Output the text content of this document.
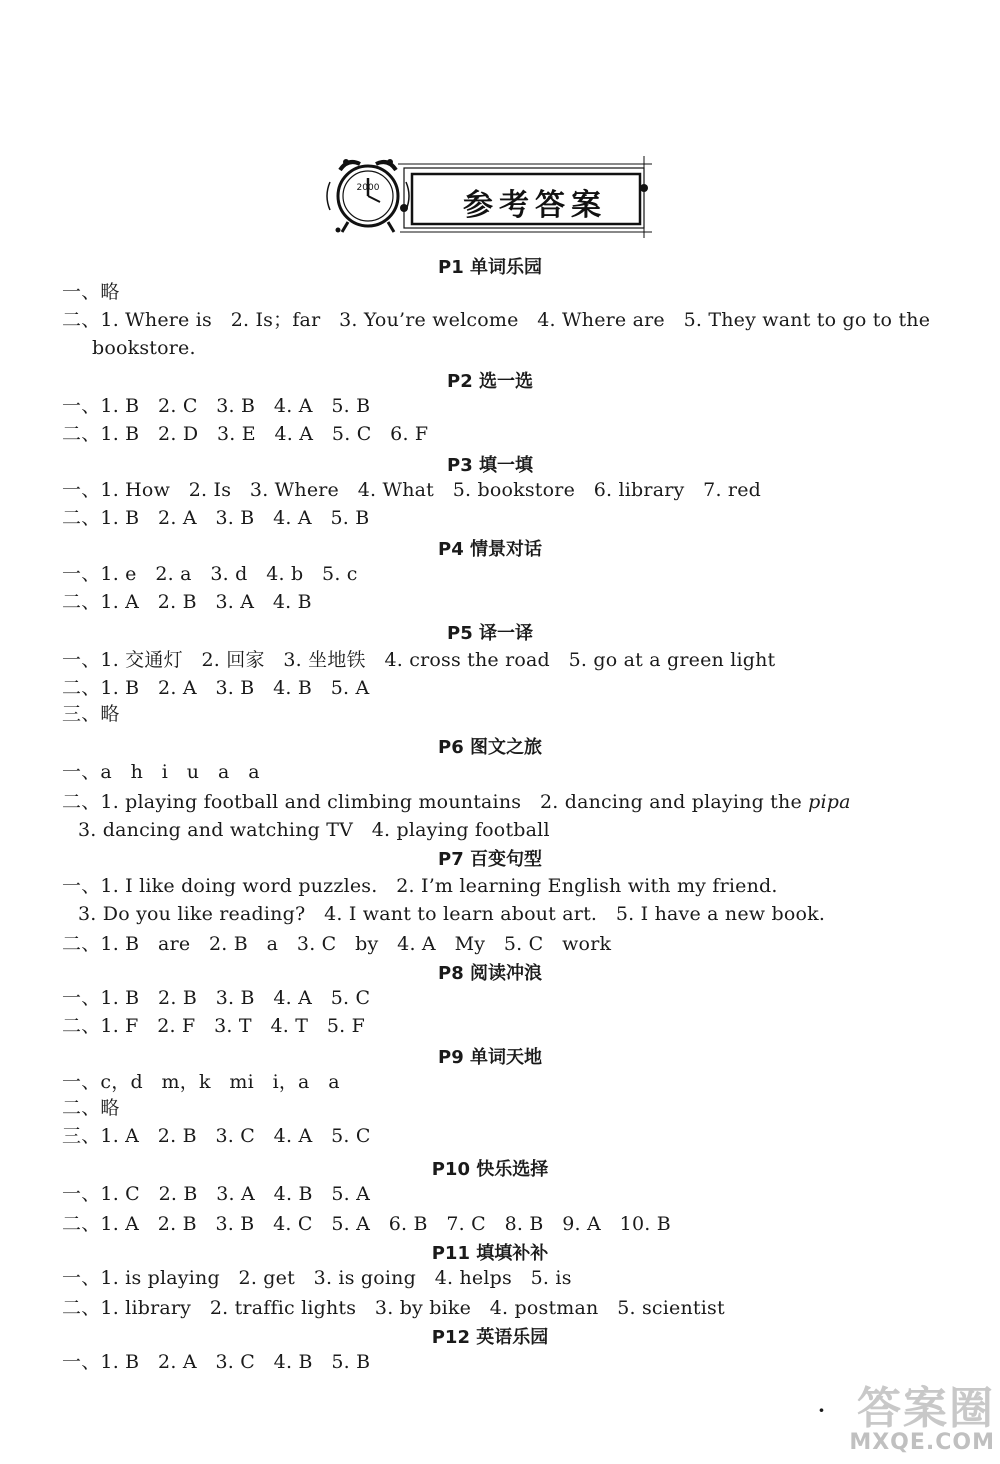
2000	参考答案
P1 单词乐园
一、略
二、1. Where is   2. Is；far   3. You’re welcome   4. Where are   5. They want to go to the
bookstore.
P2 选一选
一、1. B   2. C   3. B   4. A   5. B
二、1. B   2. D   3. E   4. A   5. C   6. F
P3 填一填
一、1. How   2. Is   3. Where   4. What   5. bookstore   6. library   7. red
二、1. B   2. A   3. B   4. A   5. B
P4 情景对话
一、1. e   2. a   3. d   4. b   5. c
二、1. A   2. B   3. A   4. B
P5 译一译
一、1. 交通灯   2. 回家   3. 坐地铁   4. cross the road   5. go at a green light
二、1. B   2. A   3. B   4. B   5. A
三、略
P6 图文之旅
一、a   h   i   u   a   a
二、1. playing football and climbing mountains   2. dancing and playing the pipa
3. dancing and watching TV   4. playing football
P7 百变句型
一、1. I like doing word puzzles.   2. I’m learning English with my friend.
3. Do you like reading?   4. I want to learn about art.   5. I have a new book.
二、1. B   are   2. B   a   3. C   by   4. A   My   5. C   work
P8 阅读冲浪
一、1. B   2. B   3. B   4. A   5. C
二、1. F   2. F   3. T   4. T   5. F
P9 单词天地
一、c，d   m，k   mi   i，a   a
二、略
三、1. A   2. B   3. C   4. A   5. C
P10 快乐选择
一、1. C   2. B   3. A   4. B   5. A
二、1. A   2. B   3. B   4. C   5. A   6. B   7. C   8. B   9. A   10. B
P11 填填补补
一、1. is playing   2. get   3. is going   4. helps   5. is
二、1. library   2. traffic lights   3. by bike   4. postman   5. scientist
P12 英语乐园
一、1. B   2. A   3. C   4. B   5. B
· 答案圈
MXQE.COM
